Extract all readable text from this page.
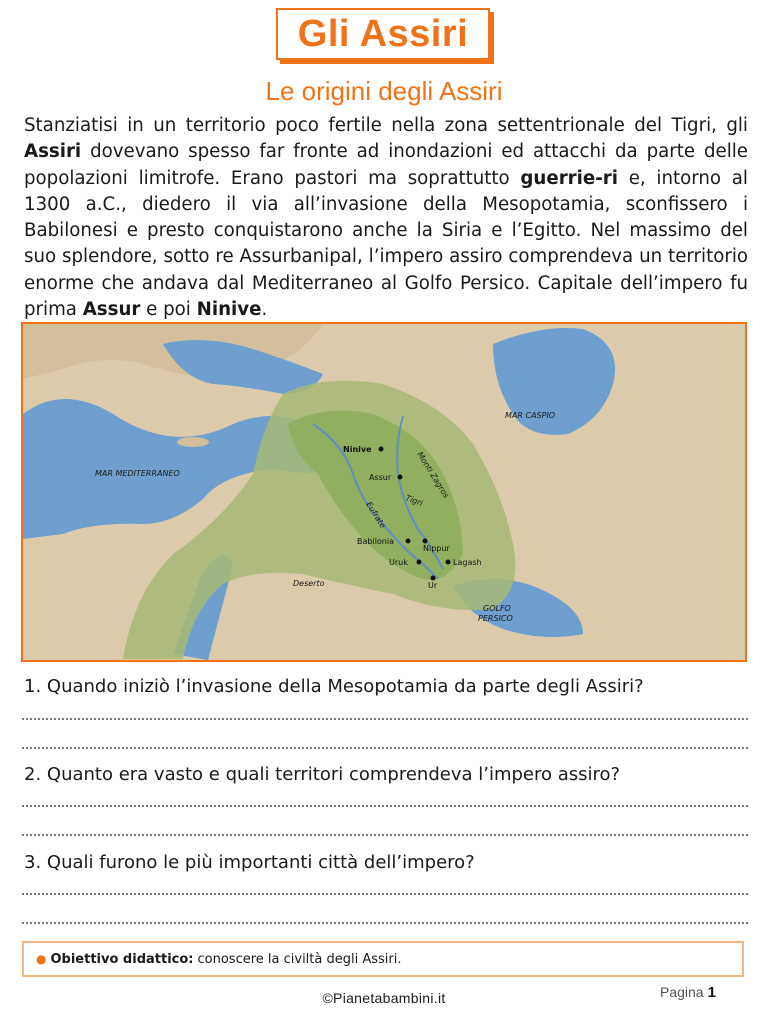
Gli Assiri
Le origini degli Assiri
Stanziatisi in un territorio poco fertile nella zona settentrionale del Tigri, gli Assiri dovevano spesso far fronte ad inondazioni ed attacchi da parte delle popolazioni limitrofe. Erano pastori ma soprattutto guerrie-ri e, intorno al 1300 a.C., diedero il via all’invasione della Mesopotamia, sconfissero i Babilonesi e presto conquistarono anche la Siria e l’Egitto. Nel massimo del suo splendore, sotto re Assurbanipal, l’impero assiro comprendeva un territorio enorme che andava dal Mediterraneo al Golfo Persico. Capitale dell’impero fu prima Assur e poi Ninive.
Ninive
Assur
Babilonia
Nippur
Uruk	Lagash
Ur
Tigri
Eufrate
Monti Zagros
MAR MEDITERRANEO
MAR CASPIO
Deserto
GOLFO
PERSICO
1. Quando iniziò l’invasione della Mesopotamia da parte degli Assiri?
2. Quanto era vasto e quali territori comprendeva l’impero assiro?
3. Quali furono le più importanti città dell’impero?
● Obiettivo didattico: conoscere la civiltà degli Assiri.
©Pianetabambini.it	Pagina 1
